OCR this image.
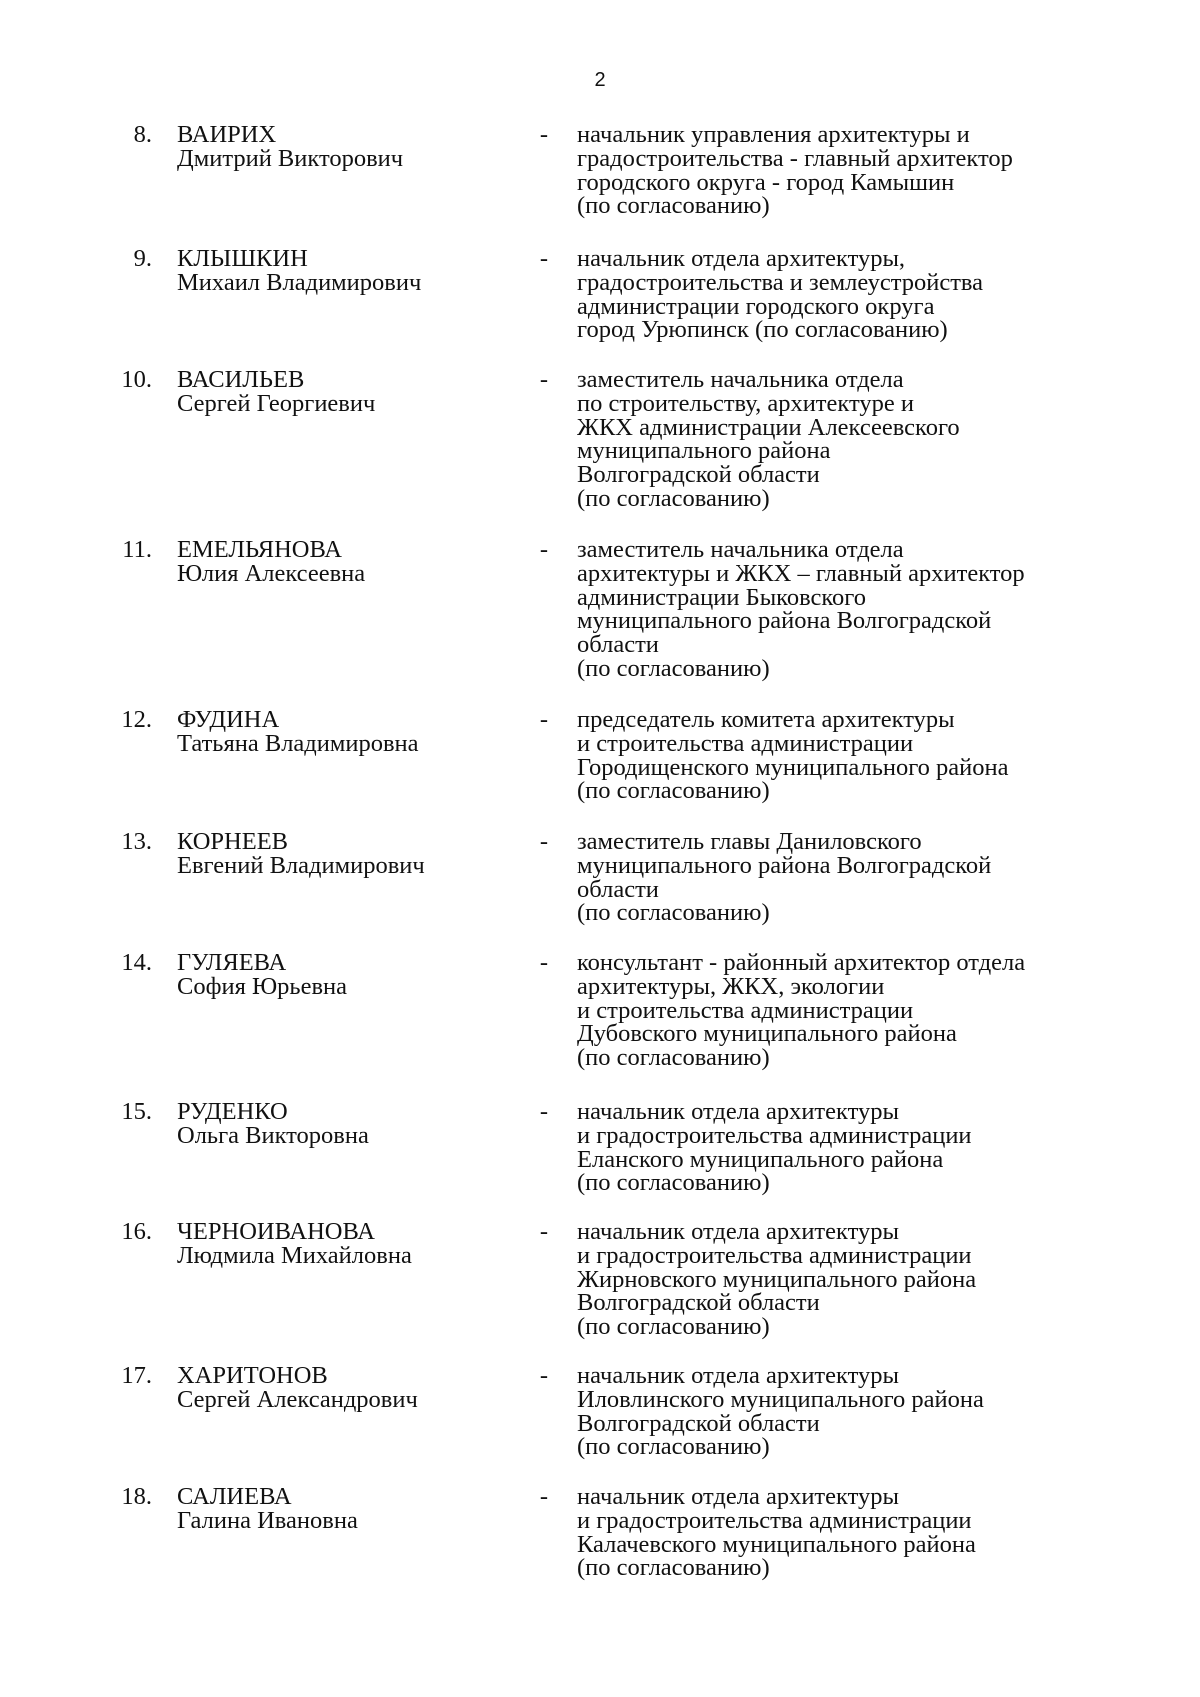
2
8. ВАИРИХ
Дмитрий Викторович
- начальник управления архитектуры и
градостроительства - главный архитектор
городского округа - город Камышин
(по согласованию)
9. КЛЫШКИН
Михаил Владимирович
- начальник отдела архитектуры,
градостроительства и землеустройства
администрации городского округа
город Урюпинск (по согласованию)
10. ВАСИЛЬЕВ
Сергей Георгиевич
- заместитель начальника отдела
по строительству, архитектуре и
ЖКХ администрации Алексеевского
муниципального района
Волгоградской области
(по согласованию)
11. ЕМЕЛЬЯНОВА
Юлия Алексеевна
- заместитель начальника отдела
архитектуры и ЖКХ – главный архитектор
администрации Быковского
муниципального района Волгоградской
области
(по согласованию)
12. ФУДИНА
Татьяна Владимировна
- председатель комитета архитектуры
и строительства администрации
Городищенского муниципального района
(по согласованию)
13. КОРНЕЕВ
Евгений Владимирович
- заместитель главы Даниловского
муниципального района Волгоградской
области
(по согласованию)
14. ГУЛЯЕВА
София Юрьевна
- консультант - районный архитектор отдела
архитектуры, ЖКХ, экологии
и строительства администрации
Дубовского муниципального района
(по согласованию)
15. РУДЕНКО
Ольга Викторовна
- начальник отдела архитектуры
и градостроительства администрации
Еланского муниципального района
(по согласованию)
16. ЧЕРНОИВАНОВА
Людмила Михайловна
- начальник отдела архитектуры
и градостроительства администрации
Жирновского муниципального района
Волгоградской области
(по согласованию)
17. ХАРИТОНОВ
Сергей Александрович
- начальник отдела архитектуры
Иловлинского муниципального района
Волгоградской области
(по согласованию)
18. САЛИЕВА
Галина Ивановна
- начальник отдела архитектуры
и градостроительства администрации
Калачевского муниципального района
(по согласованию)
